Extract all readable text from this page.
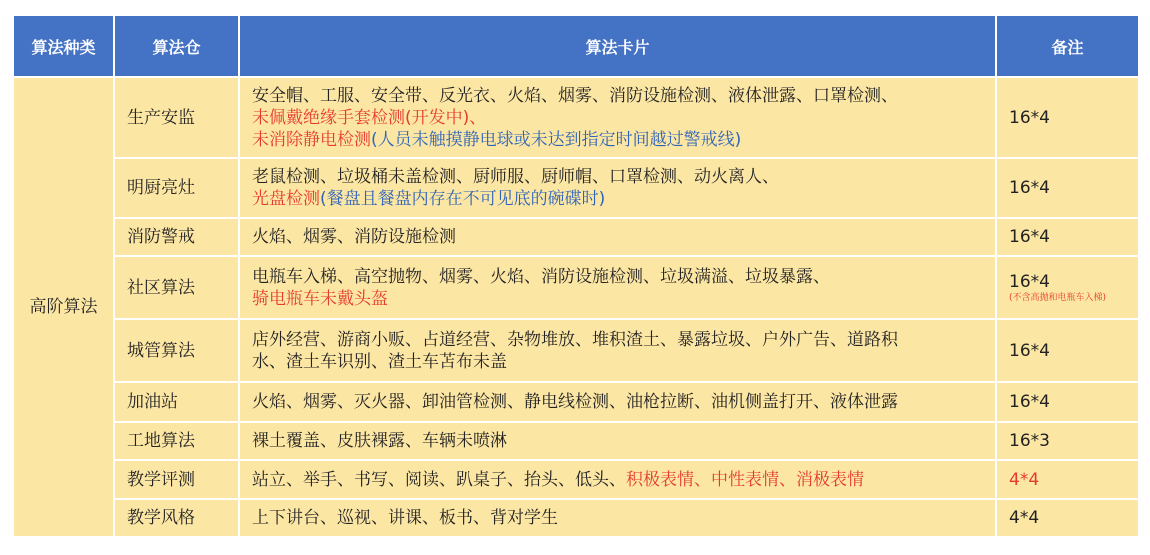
算法种类	算法仓	算法卡片	备注
高阶算法	生产安监	安全帽、工服、安全带、反光衣、火焰、烟雾、消防设施检测、液体泄露、口罩检测、
未佩戴绝缘手套检测(开发中)、
未消除静电检测(人员未触摸静电球或未达到指定时间越过警戒线)	16*4
	明厨亮灶	老鼠检测、垃圾桶未盖检测、厨师服、厨师帽、口罩检测、动火离人、
光盘检测(餐盘且餐盘内存在不可见底的碗碟时)	16*4
	消防警戒	火焰、烟雾、消防设施检测	16*4
	社区算法	电瓶车入梯、高空抛物、烟雾、火焰、消防设施检测、垃圾满溢、垃圾暴露、
骑电瓶车未戴头盔	16*4
(不含高抛和电瓶车入梯)

	城管算法	店外经营、游商小贩、占道经营、杂物堆放、堆积渣土、暴露垃圾、户外广告、道路积
水、渣土车识别、渣土车苫布未盖	16*4
	加油站	火焰、烟雾、灭火器、卸油管检测、静电线检测、油枪拉断、油机侧盖打开、液体泄露	16*4
	工地算法	裸土覆盖、皮肤裸露、车辆未喷淋	16*3
	教学评测	站立、举手、书写、阅读、趴桌子、抬头、低头、积极表情、中性表情、消极表情	4*4
	教学风格	上下讲台、巡视、讲课、板书、背对学生	4*4
